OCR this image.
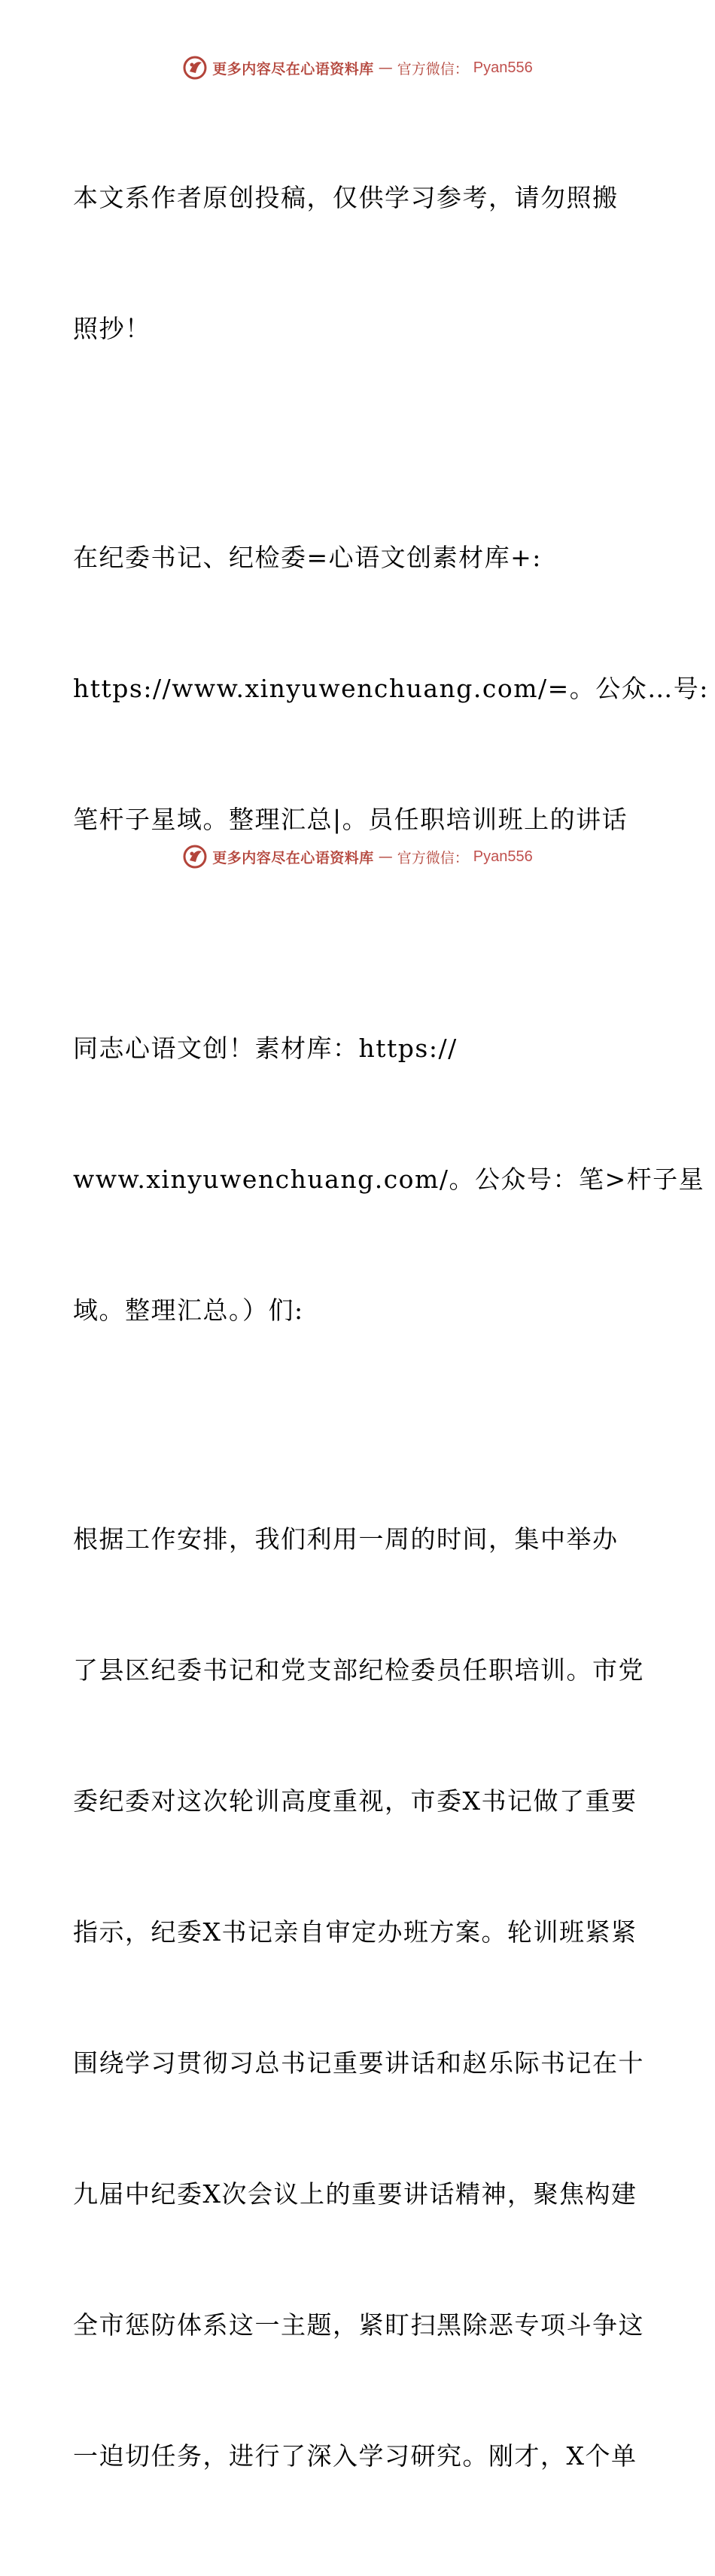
更多内容尽在心语资料库 — 官方微信： Pyan556

本文系作者原创投稿，仅供学习参考，请勿照搬

照抄！

在纪委书记、纪检委=心语文创素材库+:

https://www.xinyuwenchuang.com/=。公众…号:

笔杆子星域。整理汇总|。员任职培训班上的讲话

同志心语文创！素材库：https://

www.xinyuwenchuang.com/。公众号：笔>杆子星

域。整理汇总。）们:

根据工作安排，我们利用一周的时间，集中举办

了县区纪委书记和党支部纪检委员任职培训。市党

委纪委对这次轮训高度重视，市委X书记做了重要

指示，纪委X书记亲自审定办班方案。轮训班紧紧

围绕学习贯彻习总书记重要讲话和赵乐际书记在十

九届中纪委X次会议上的重要讲话精神，聚焦构建

全市惩防体系这一主题，紧盯扫黑除恶专项斗争这

一迫切任务，进行了深入学习研究。刚才，X个单

更多内容尽在心语资料库 — 官方微信： Pyan556
